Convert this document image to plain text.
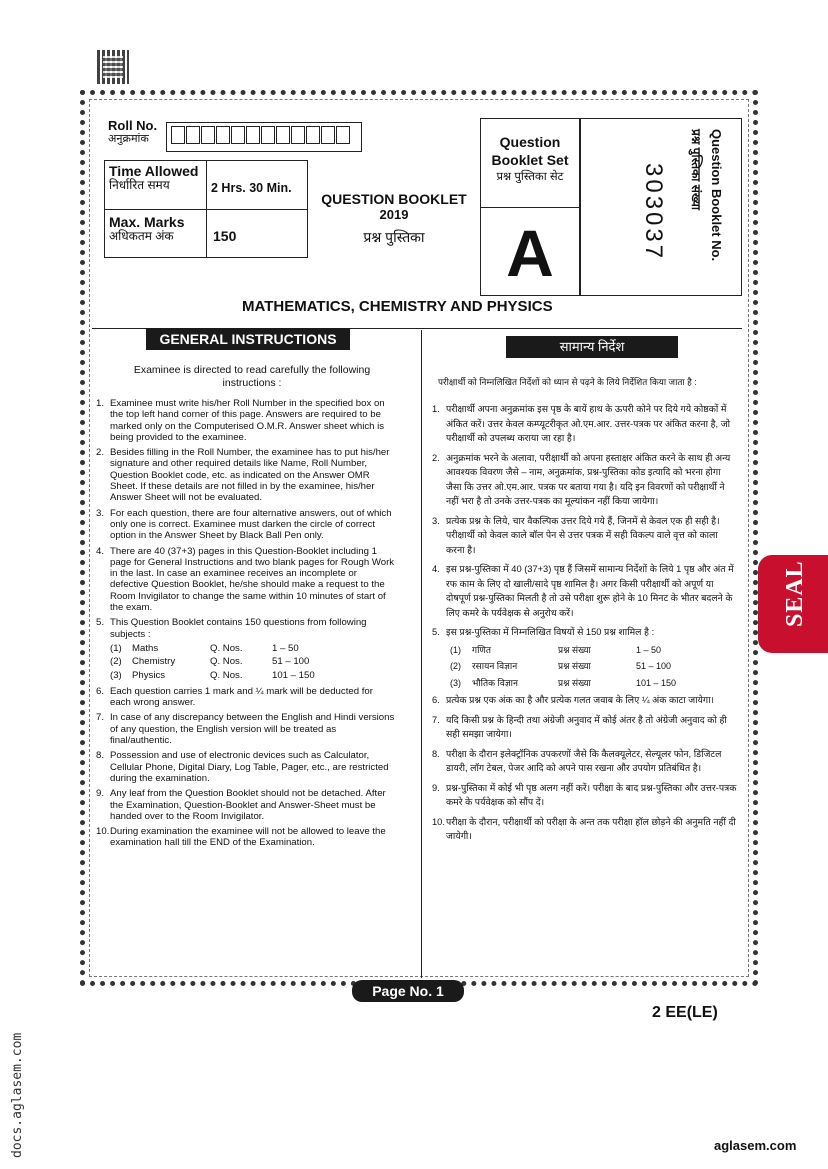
Roll No.
अनुक्रमांक
Time Allowed
निर्धारित समय	2 Hrs. 30 Min.
Max. Marks
अधिकतम अंक	150
QUESTION BOOKLET
2019
प्रश्न पुस्तिका
Question Booklet Set
प्रश्न पुस्तिका सेट
A	Question Booklet No.
प्रश्न पुस्तिका संख्या
303037
MATHEMATICS, CHEMISTRY AND PHYSICS
GENERAL INSTRUCTIONS
Examinee is directed to read carefully the following instructions :

1. Examinee must write his/her Roll Number in the specified box on the top left hand corner of this page. Answers are required to be marked only on the Computerised O.M.R. Answer sheet which is being provided to the examinee.

2. Besides filling in the Roll Number, the examinee has to put his/her signature and other required details like Name, Roll Number, Question Booklet code, etc. as indicated on the Answer OMR Sheet. If these details are not filled in by the examinee, his/her Answer Sheet will not be evaluated.

3. For each question, there are four alternative answers, out of which only one is correct. Examinee must darken the circle of correct option in the Answer Sheet by Black Ball Pen only.

4. There are 40 (37+3) pages in this Question-Booklet including 1 page for General Instructions and two blank pages for Rough Work in the last. In case an examinee receives an incomplete or defective Question Booklet, he/she should make a request to the Room Invigilator to change the same within 10 minutes of start of the exam.

5. This Question Booklet contains 150 questions from following subjects :

(1)	Maths	Q. Nos.	1 – 50
(2)	Chemistry	Q. Nos.	51 – 100
(3)	Physics	Q. Nos.	101 – 150

6. Each question carries 1 mark and ¼ mark will be deducted for each wrong answer.

7. In case of any discrepancy between the English and Hindi versions of any question, the English version will be treated as final/authentic.

8. Possession and use of electronic devices such as Calculator, Cellular Phone, Digital Diary, Log Table, Pager, etc., are restricted during the examination.

9. Any leaf from the Question Booklet should not be detached. After the Examination, Question-Booklet and Answer-Sheet must be handed over to the Room Invigilator.

10. During examination the examinee will not be allowed to leave the examination hall till the END of the Examination.

सामान्य निर्देश
परीक्षार्थी को निम्नलिखित निर्देशों को ध्यान से पढ़ने के लिये निर्देशित किया जाता है :

1. परीक्षार्थी अपना अनुक्रमांक इस पृष्ठ के बायें हाथ के ऊपरी कोने पर दिये गये कोष्ठकों में अंकित करें। उत्तर केवल कम्प्यूटरीकृत ओ.एम.आर. उत्तर-पत्रक पर अंकित करना है, जो परीक्षार्थी को उपलब्ध कराया जा रहा है।

2. अनुक्रमांक भरने के अलावा, परीक्षार्थी को अपना हस्ताक्षर अंकित करने के साथ ही अन्य आवश्यक विवरण जैसे – नाम, अनुक्रमांक, प्रश्न-पुस्तिका कोड इत्यादि को भरना होगा जैसा कि उत्तर ओ.एम.आर. पत्रक पर बताया गया है। यदि इन विवरणों को परीक्षार्थी ने नहीं भरा है तो उनके उत्तर-पत्रक का मूल्यांकन नहीं किया जायेगा।

3. प्रत्येक प्रश्न के लिये, चार वैकल्पिक उत्तर दिये गये हैं, जिनमें से केवल एक ही सही है। परीक्षार्थी को केवल काले बॉल पेन से उत्तर पत्रक में सही विकल्प वाले वृत्त को काला करना है।

4. इस प्रश्न-पुस्तिका में 40 (37+3) पृष्ठ हैं जिसमें सामान्य निर्देशों के लिये 1 पृष्ठ और अंत में रफ काम के लिए दो खाली/सादे पृष्ठ शामिल है। अगर किसी परीक्षार्थी को अपूर्ण या दोषपूर्ण प्रश्न-पुस्तिका मिलती है तो उसे परीक्षा शुरू होने के 10 मिनट के भीतर बदलने के लिए कमरे के पर्यवेक्षक से अनुरोध करें।

5. इस प्रश्न-पुस्तिका में निम्नलिखित विषयों से 150 प्रश्न शामिल है :

(1)	गणित	प्रश्न संख्या	1 – 50
(2)	रसायन विज्ञान	प्रश्न संख्या	51 – 100
(3)	भौतिक विज्ञान	प्रश्न संख्या	101 – 150

6. प्रत्येक प्रश्न एक अंक का है और प्रत्येक गलत जवाब के लिए ¼ अंक काटा जायेगा।

7. यदि किसी प्रश्न के हिन्दी तथा अंग्रेजी अनुवाद में कोई अंतर है तो अंग्रेजी अनुवाद को ही सही समझा जायेगा।

8. परीक्षा के दौरान इलेक्ट्रॉनिक उपकरणों जैसे कि कैलक्यूलेटर, सेल्यूलर फोन, डिजिटल डायरी, लॉग टेबल, पेजर आदि को अपने पास रखना और उपयोग प्रतिबंधित है।

9. प्रश्न-पुस्तिका में कोई भी पृष्ठ अलग नहीं करें। परीक्षा के बाद प्रश्न-पुस्तिका और उत्तर-पत्रक कमरे के पर्यवेक्षक को सौंप दें।

10. परीक्षा के दौरान, परीक्षार्थी को परीक्षा के अन्त तक परीक्षा हॉल छोड़ने की अनुमति नहीं दी जायेगी।

SEAL
Page No. 1
2 EE(LE)
docs.aglasem.com	aglasem.com
